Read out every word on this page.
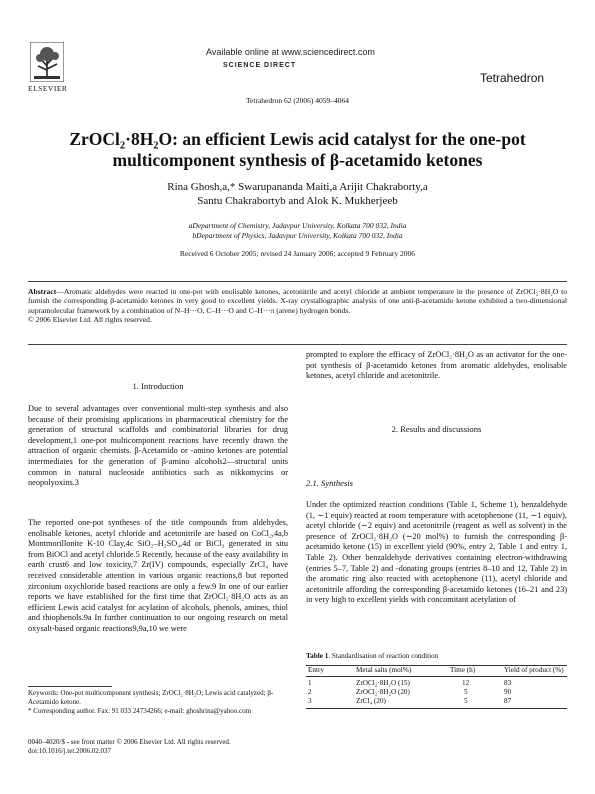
Available online at www.sciencedirect.com
SCIENCE DIRECT
ELSEVIER
Tetrahedron
Tetrahedron 62 (2006) 4059–4064
ZrOCl₂·8H₂O: an efficient Lewis acid catalyst for the one-pot
multicomponent synthesis of β-acetamido ketones
Rina Ghosh,a,* Swarupananda Maiti,a Arijit Chakraborty,a
Santu Chakrabortyb and Alok K. Mukherjeeb
aDepartment of Chemistry, Jadavpur University, Kolkata 700 032, India
bDepartment of Physics, Jadavpur University, Kolkata 700 032, India
Received 6 October 2005; revised 24 January 2006; accepted 9 February 2006
Abstract—Aromatic aldehydes were reacted in one-pot with enolisable ketones, acetonitrile and acetyl chloride at ambient temperature in the presence of ZrOCl₂·8H₂O to furnish the corresponding β-acetamido ketones in very good to excellent yields. X-ray crystallographic analysis of one anti-β-acetamido ketone exhibited a two-dimensional supramolecular framework by a combination of N–H···O, C–H···O and C–H···π (arene) hydrogen bonds.
© 2006 Elsevier Ltd. All rights reserved.
1. Introduction
Due to several advantages over conventional multi-step synthesis and also because of their promising applications in pharmaceutical chemistry for the generation of structural scaffolds and combinatorial libraries for drug development,1 one-pot multicomponent reactions have recently drawn the attraction of organic chemists. β-Acetamido or -amino ketones are potential intermediates for the generation of β-amino alcohols2—structural units common in natural nucleoside antibiotics such as nikkomycins or neopolyoxins.3
The reported one-pot syntheses of the title compounds from aldehydes, enolisable ketones, acetyl chloride and acetonitrile are based on CoCl₂,4a,b Montmorillonite K-10 Clay,4c SiO₂–H₂SO₄,4d or BiCl₃ generated in situ from BiOCl and acetyl chloride.5 Recently, because of the easy availability in earth crust6 and low toxicity,7 Zr(IV) compounds, especially ZrCl₄ have received considerable attention in various organic reactions,8 but reported zirconium oxychloride based reactions are only a few.9 In one of our earlier reports we have established for the first time that ZrOCl₂·8H₂O acts as an efficient Lewis acid catalyst for acylation of alcohols, phenols, amines, thiol and thiophenols.9a In further continuation to our ongoing research on metal oxysalt-based organic reactions9,9a,10 we were
Keywords: One-pot multicomponent synthesis; ZrOCl₂·8H₂O; Lewis acid catalyzed; β-Acetamido ketone.
* Corresponding author. Fax: 91 033 24734266; e-mail: ghoshrina@yahoo.com
0040–4020/$ - see front matter © 2006 Elsevier Ltd. All rights reserved.
doi:10.1016/j.tet.2006.02.037
prompted to explore the efficacy of ZrOCl₂·8H₂O as an activator for the one-pot synthesis of β-acetamido ketones from aromatic aldehydes, enolisable ketones, acetyl chloride and acetonitrile.
2. Results and discussions
2.1. Synthesis
Under the optimized reaction conditions (Table 1, Scheme 1), benzaldehyde (1, ∼1 equiv) reacted at room temperature with acetophenone (11, ∼1 equiv), acetyl chloride (∼2 equiv) and acetonitrile (reagent as well as solvent) in the presence of ZrOCl₂·8H₂O (∼20 mol%) to furnish the corresponding β-acetamido ketone (15) in excellent yield (90%, entry 2, Table 1 and entry 1, Table 2). Other benzaldehyde derivatives containing electron-withdrawing (entries 5–7, Table 2) and -donating groups (entries 8–10 and 12, Table 2) in the aromatic ring also reacted with acetophenone (11), acetyl chloride and acetonitrile affording the corresponding β-acetamido ketones (16–21 and 23) in very high to excellent yields with concomitant acetylation of
Table 1. Standardisation of reaction condition
Entry	Metal salts (mol%)	Time (h)	Yield of product (%)

1	ZrOCl₂·8H₂O (15)	12	83
2	ZrOCl₂·8H₂O (20)	5	90
3	ZrCl₄ (20)	5	87
